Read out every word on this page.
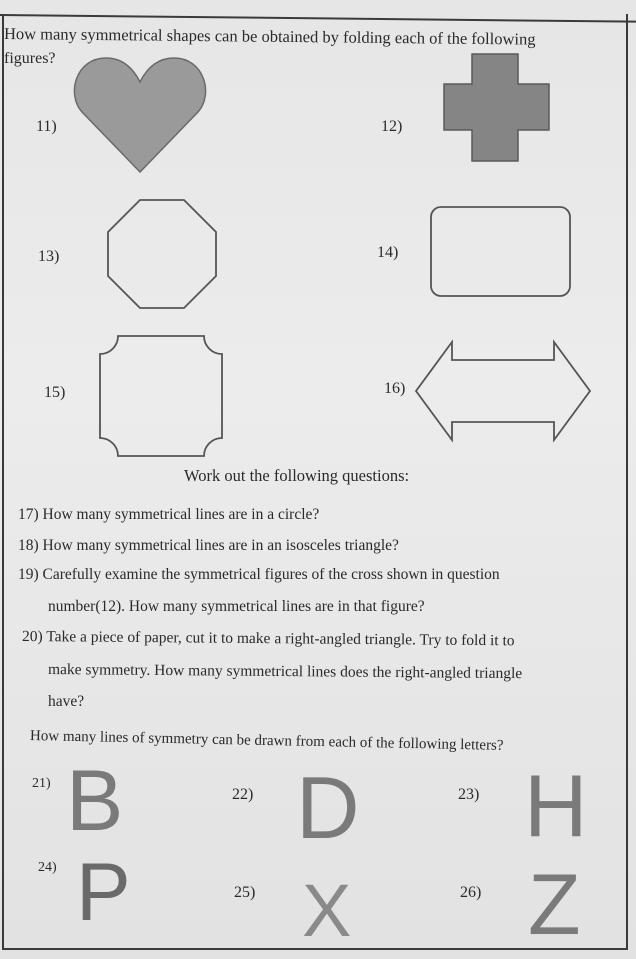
How many symmetrical shapes can be obtained by folding each of the following
figures?
11)	12)
13)	14)
15)	16)
Work out the following questions:
17) How many symmetrical lines are in a circle?
18) How many symmetrical lines are in an isosceles triangle?
19) Carefully examine the symmetrical figures of the cross shown in question
number(12). How many symmetrical lines are in that figure?
20) Take a piece of paper, cut it to make a right-angled triangle. Try to fold it to
make symmetry. How many symmetrical lines does the right-angled triangle
have?
How many lines of symmetry can be drawn from each of the following letters?
21) B	22) D	23) H
24) P	25) X	26) Z
